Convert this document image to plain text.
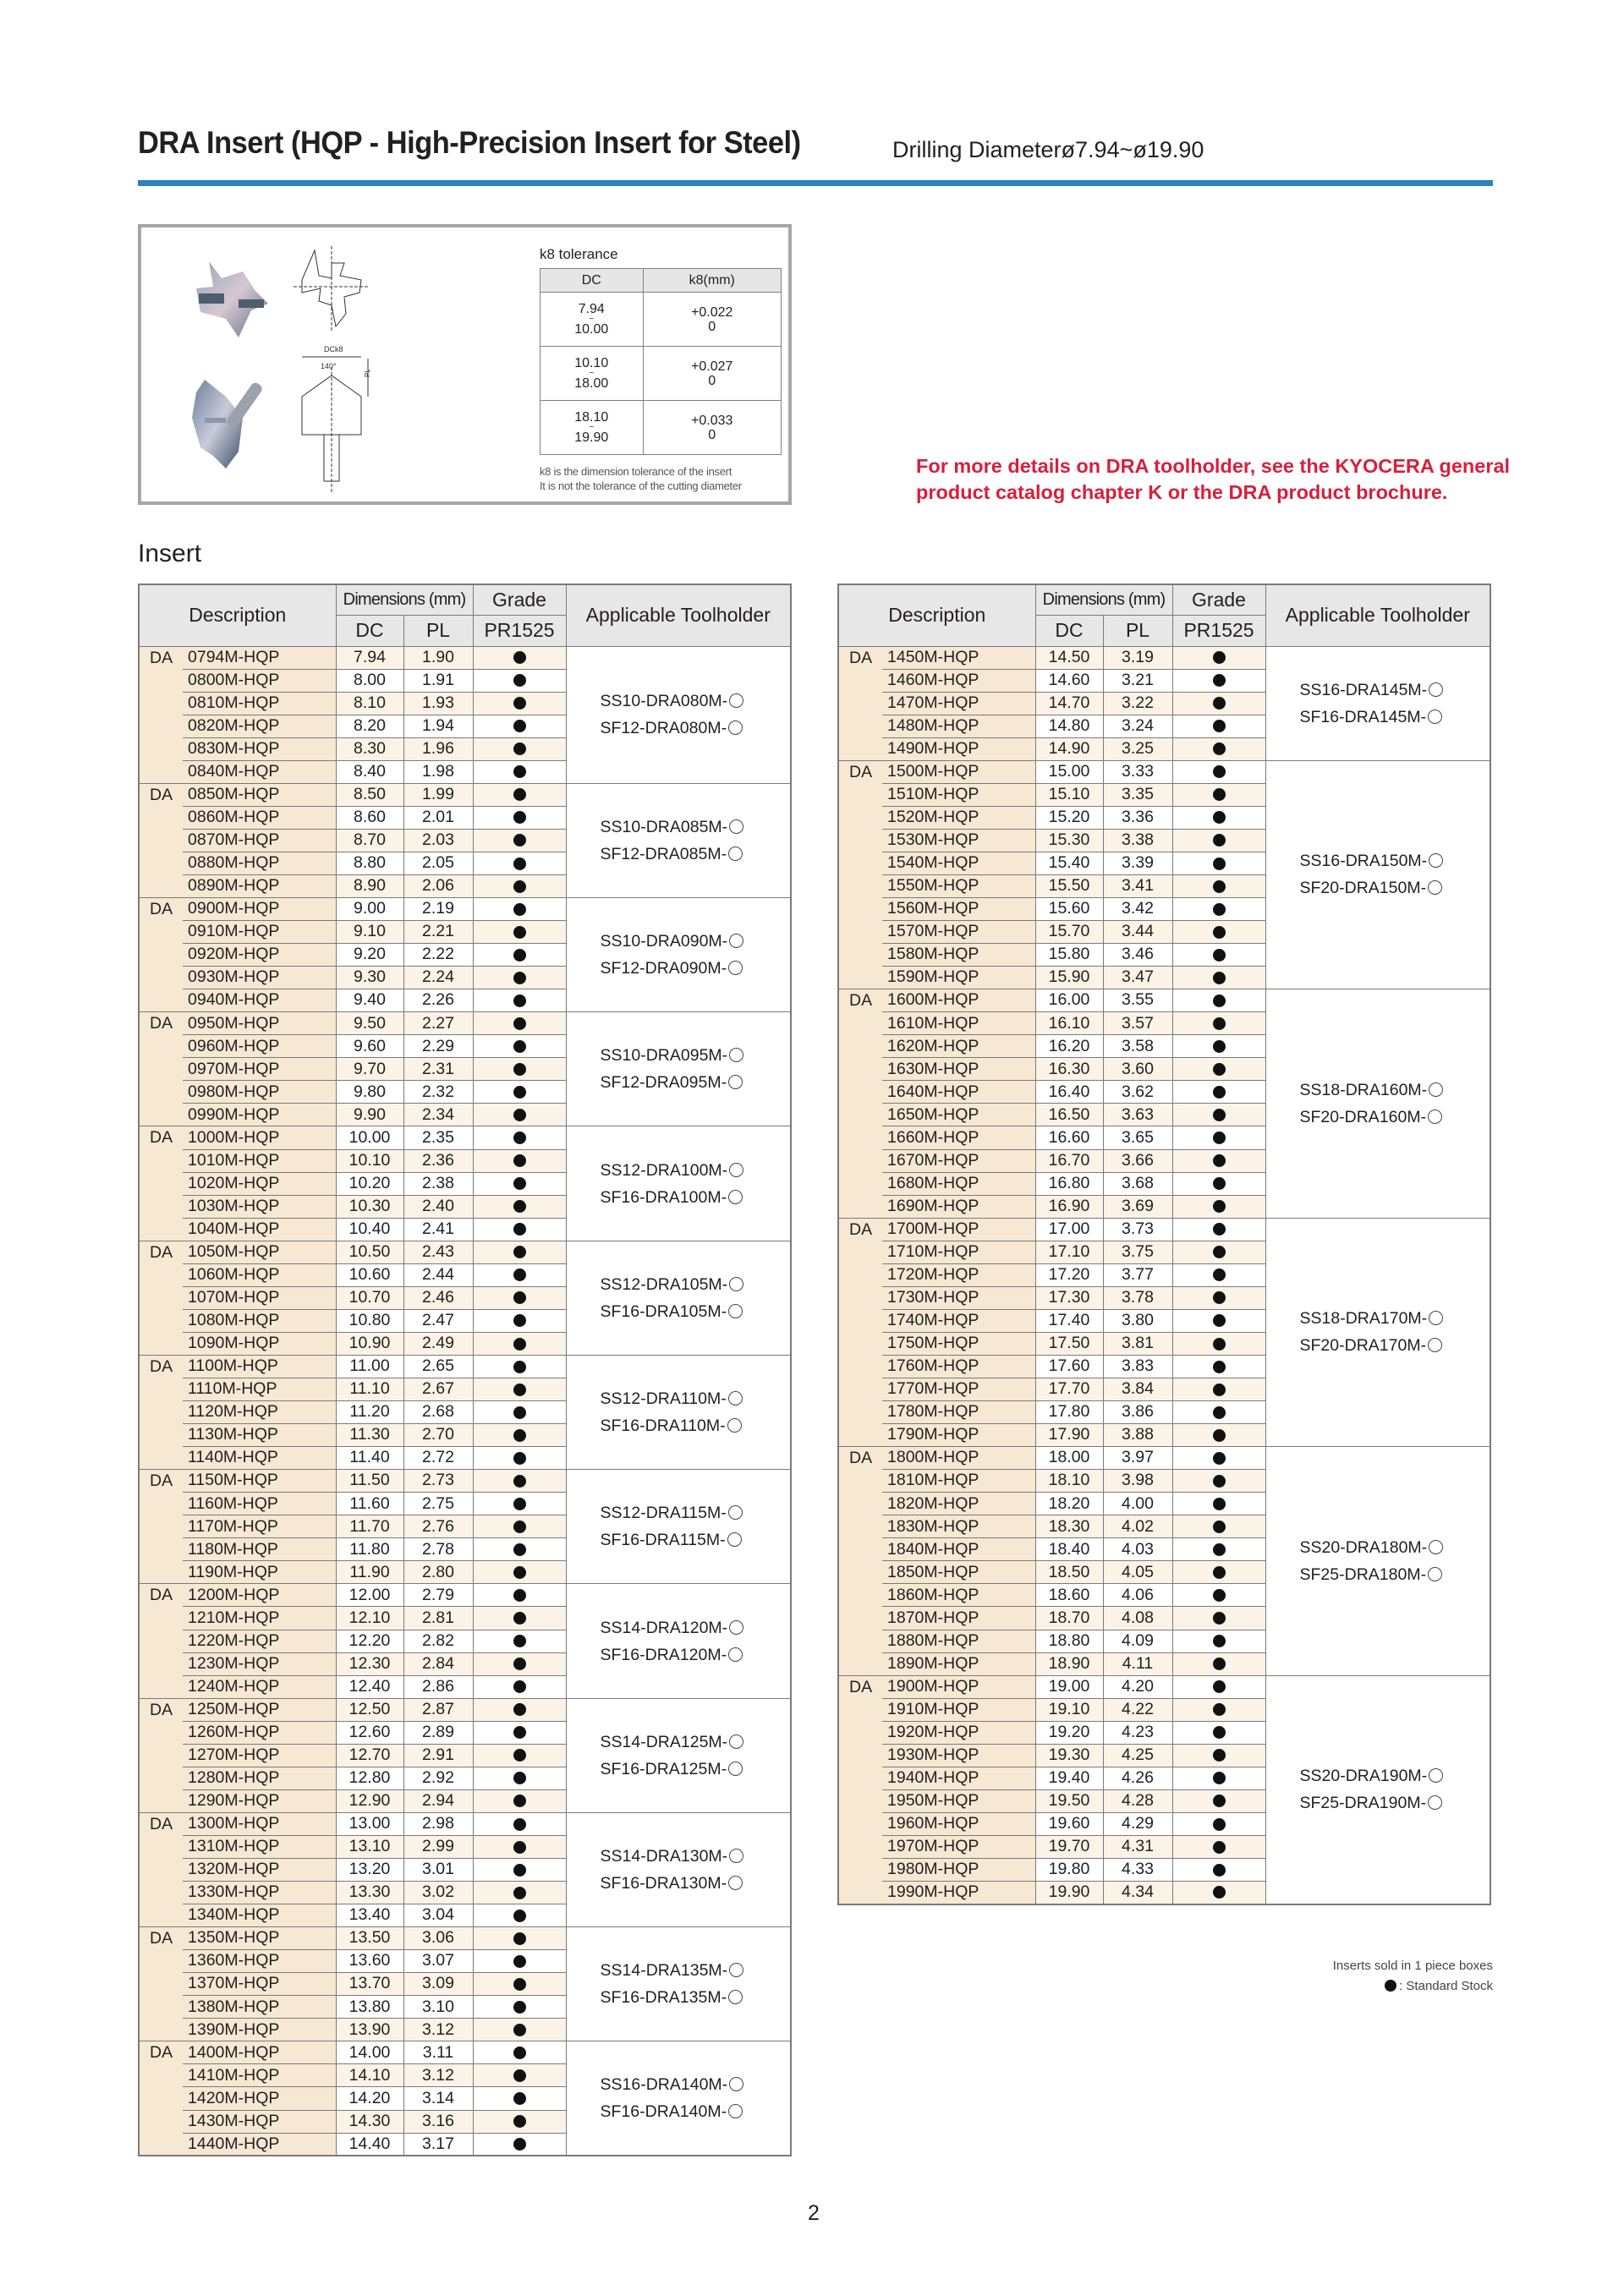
DRA Insert (HQP - High-Precision Insert for Steel)	Drilling Diameterø7.94~ø19.90
DCk8
140°
PL
k8 tolerance
DC	k8(mm)
7.94
~
10.00	+0.022
0
10.10
~
18.00	+0.027
0
18.10
~
19.90	+0.033
0
k8 is the dimension tolerance of the insert
It is not the tolerance of the cutting diameter
For more details on DRA toolholder, see the KYOCERA general
product catalog chapter K or the DRA product brochure.
Insert
Description		Dimensions (mm)		Grade	Applicable Toolholder
		DC	PL	PR1525	
DA	0794M-HQP	7.94	1.90		SS10-DRA080M-
SF12-DRA080M-

	0800M-HQP	8.00	1.91		
	0810M-HQP	8.10	1.93		
	0820M-HQP	8.20	1.94		
	0830M-HQP	8.30	1.96		
	0840M-HQP	8.40	1.98		
DA	0850M-HQP	8.50	1.99		SS10-DRA085M-
SF12-DRA085M-

	0860M-HQP	8.60	2.01		
	0870M-HQP	8.70	2.03		
	0880M-HQP	8.80	2.05		
	0890M-HQP	8.90	2.06		
DA	0900M-HQP	9.00	2.19		SS10-DRA090M-
SF12-DRA090M-

	0910M-HQP	9.10	2.21		
	0920M-HQP	9.20	2.22		
	0930M-HQP	9.30	2.24		
	0940M-HQP	9.40	2.26		
DA	0950M-HQP	9.50	2.27		SS10-DRA095M-
SF12-DRA095M-

	0960M-HQP	9.60	2.29		
	0970M-HQP	9.70	2.31		
	0980M-HQP	9.80	2.32		
	0990M-HQP	9.90	2.34		
DA	1000M-HQP	10.00	2.35		SS12-DRA100M-
SF16-DRA100M-

	1010M-HQP	10.10	2.36		
	1020M-HQP	10.20	2.38		
	1030M-HQP	10.30	2.40		
	1040M-HQP	10.40	2.41		
DA	1050M-HQP	10.50	2.43		SS12-DRA105M-
SF16-DRA105M-

	1060M-HQP	10.60	2.44		
	1070M-HQP	10.70	2.46		
	1080M-HQP	10.80	2.47		
	1090M-HQP	10.90	2.49		
DA	1100M-HQP	11.00	2.65		SS12-DRA110M-
SF16-DRA110M-

	1110M-HQP	11.10	2.67		
	1120M-HQP	11.20	2.68		
	1130M-HQP	11.30	2.70		
	1140M-HQP	11.40	2.72		
DA	1150M-HQP	11.50	2.73		SS12-DRA115M-
SF16-DRA115M-

	1160M-HQP	11.60	2.75		
	1170M-HQP	11.70	2.76		
	1180M-HQP	11.80	2.78		
	1190M-HQP	11.90	2.80		
DA	1200M-HQP	12.00	2.79		SS14-DRA120M-
SF16-DRA120M-

	1210M-HQP	12.10	2.81		
	1220M-HQP	12.20	2.82		
	1230M-HQP	12.30	2.84		
	1240M-HQP	12.40	2.86		
DA	1250M-HQP	12.50	2.87		SS14-DRA125M-
SF16-DRA125M-

	1260M-HQP	12.60	2.89		
	1270M-HQP	12.70	2.91		
	1280M-HQP	12.80	2.92		
	1290M-HQP	12.90	2.94		
DA	1300M-HQP	13.00	2.98		SS14-DRA130M-
SF16-DRA130M-

	1310M-HQP	13.10	2.99		
	1320M-HQP	13.20	3.01		
	1330M-HQP	13.30	3.02		
	1340M-HQP	13.40	3.04		
DA	1350M-HQP	13.50	3.06		SS14-DRA135M-
SF16-DRA135M-

	1360M-HQP	13.60	3.07		
	1370M-HQP	13.70	3.09		
	1380M-HQP	13.80	3.10		
	1390M-HQP	13.90	3.12		
DA	1400M-HQP	14.00	3.11		SS16-DRA140M-
SF16-DRA140M-

	1410M-HQP	14.10	3.12		
	1420M-HQP	14.20	3.14		
	1430M-HQP	14.30	3.16		
	1440M-HQP	14.40	3.17		
Description		Dimensions (mm)		Grade	Applicable Toolholder
		DC	PL	PR1525	
DA	1450M-HQP	14.50	3.19		SS16-DRA145M-
SF16-DRA145M-

	1460M-HQP	14.60	3.21		
	1470M-HQP	14.70	3.22		
	1480M-HQP	14.80	3.24		
	1490M-HQP	14.90	3.25		
DA	1500M-HQP	15.00	3.33		SS16-DRA150M-
SF20-DRA150M-

	1510M-HQP	15.10	3.35		
	1520M-HQP	15.20	3.36		
	1530M-HQP	15.30	3.38		
	1540M-HQP	15.40	3.39		
	1550M-HQP	15.50	3.41		
	1560M-HQP	15.60	3.42		
	1570M-HQP	15.70	3.44		
	1580M-HQP	15.80	3.46		
	1590M-HQP	15.90	3.47		
DA	1600M-HQP	16.00	3.55		SS18-DRA160M-
SF20-DRA160M-

	1610M-HQP	16.10	3.57		
	1620M-HQP	16.20	3.58		
	1630M-HQP	16.30	3.60		
	1640M-HQP	16.40	3.62		
	1650M-HQP	16.50	3.63		
	1660M-HQP	16.60	3.65		
	1670M-HQP	16.70	3.66		
	1680M-HQP	16.80	3.68		
	1690M-HQP	16.90	3.69		
DA	1700M-HQP	17.00	3.73		SS18-DRA170M-
SF20-DRA170M-

	1710M-HQP	17.10	3.75		
	1720M-HQP	17.20	3.77		
	1730M-HQP	17.30	3.78		
	1740M-HQP	17.40	3.80		
	1750M-HQP	17.50	3.81		
	1760M-HQP	17.60	3.83		
	1770M-HQP	17.70	3.84		
	1780M-HQP	17.80	3.86		
	1790M-HQP	17.90	3.88		
DA	1800M-HQP	18.00	3.97		SS20-DRA180M-
SF25-DRA180M-

	1810M-HQP	18.10	3.98		
	1820M-HQP	18.20	4.00		
	1830M-HQP	18.30	4.02		
	1840M-HQP	18.40	4.03		
	1850M-HQP	18.50	4.05		
	1860M-HQP	18.60	4.06		
	1870M-HQP	18.70	4.08		
	1880M-HQP	18.80	4.09		
	1890M-HQP	18.90	4.11		
DA	1900M-HQP	19.00	4.20		SS20-DRA190M-
SF25-DRA190M-

	1910M-HQP	19.10	4.22		
	1920M-HQP	19.20	4.23		
	1930M-HQP	19.30	4.25		
	1940M-HQP	19.40	4.26		
	1950M-HQP	19.50	4.28		
	1960M-HQP	19.60	4.29		
	1970M-HQP	19.70	4.31		
	1980M-HQP	19.80	4.33		
	1990M-HQP	19.90	4.34		
Inserts sold in 1 piece boxes
: Standard Stock
2
